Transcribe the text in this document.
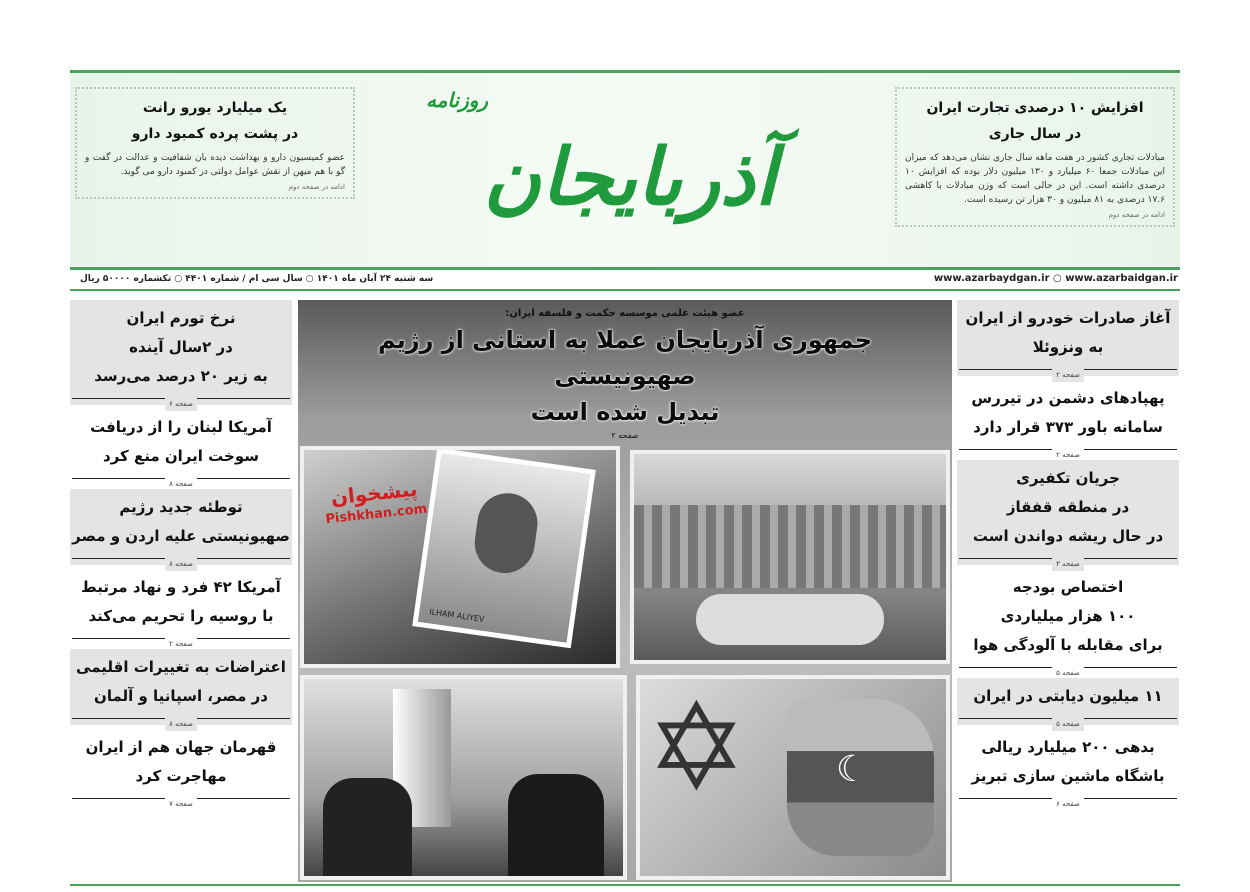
یک میلیارد یورو رانت
در پشت پرده کمبود دارو

عضو کمیسیون دارو و بهداشت دیده بان شفافیت و عدالت در گفت و گو با هم میهن از نقش عوامل دولتی در کمبود دارو می گوید.

ادامه در صفحه دوم
روزنامه
آذربایجان
افزایش ۱۰ درصدی تجارت ایران
در سال جاری

مبادلات تجاری کشور در هفت ماهه سال جاری نشان می‌دهد که میزان این مبادلات جمعا ۶۰ میلیارد و ۱۳۰ میلیون دلار بوده که افزایش ۱۰ درصدی داشته است. این در حالی است که وزن مبادلات با کاهشی ۱۷.۶ درصدی به ۸۱ میلیون و ۳۰ هزار تن رسیده است.

ادامه در صفحه دوم
سه شنبه ۲۴ آبان ماه ۱۴۰۱ ○ سال سی ام / شماره ۴۴۰۱ ○ تکشماره ۵۰۰۰۰ ریال	www.azarbaydgan.ir ○ www.azarbaidgan.ir
نرخ تورم ایران
در ۲سال آینده
به زیر ۲۰ درصد می‌رسد
صفحه ۶
آمریکا لبنان را از دریافت
سوخت ایران منع کرد
صفحه ۸
توطئه جدید رژیم
صهیونیستی علیه اردن و مصر
صفحه ۸
آمریکا ۴۲ فرد و نهاد مرتبط
با روسیه را تحریم می‌کند
صفحه ۲
اعتراضات به تغییرات اقلیمی
در مصر، اسپانیا و آلمان
صفحه ۸
قهرمان جهان هم از ایران
مهاجرت کرد
صفحه ۷
آغاز صادرات خودرو از ایران
به ونزوئلا
صفحه ۲
پهپادهای دشمن در تیررس
سامانه باور ۳۷۳ قرار دارد
صفحه ۲
جریان تکفیری
در منطقه قفقاز
در حال ریشه دواندن است
صفحه ۳
اختصاص بودجه
۱۰۰ هزار میلیاردی
برای مقابله با آلودگی هوا
صفحه ۵
۱۱ میلیون دیابتی در ایران
صفحه ۵
بدهی ۲۰۰ میلیارد ریالی
باشگاه ماشین سازی تبریز
صفحه ۶
عضو هیئت علمی موسسه حکمت و فلسفه ایران:
جمهوری آذربایجان عملا به استانی از رژیم صهیونیستی
تبدیل شده است
صفحه ۲
ILHAM ALIYEV
پیشخوان
Pishkhan.com
✡ ☾
